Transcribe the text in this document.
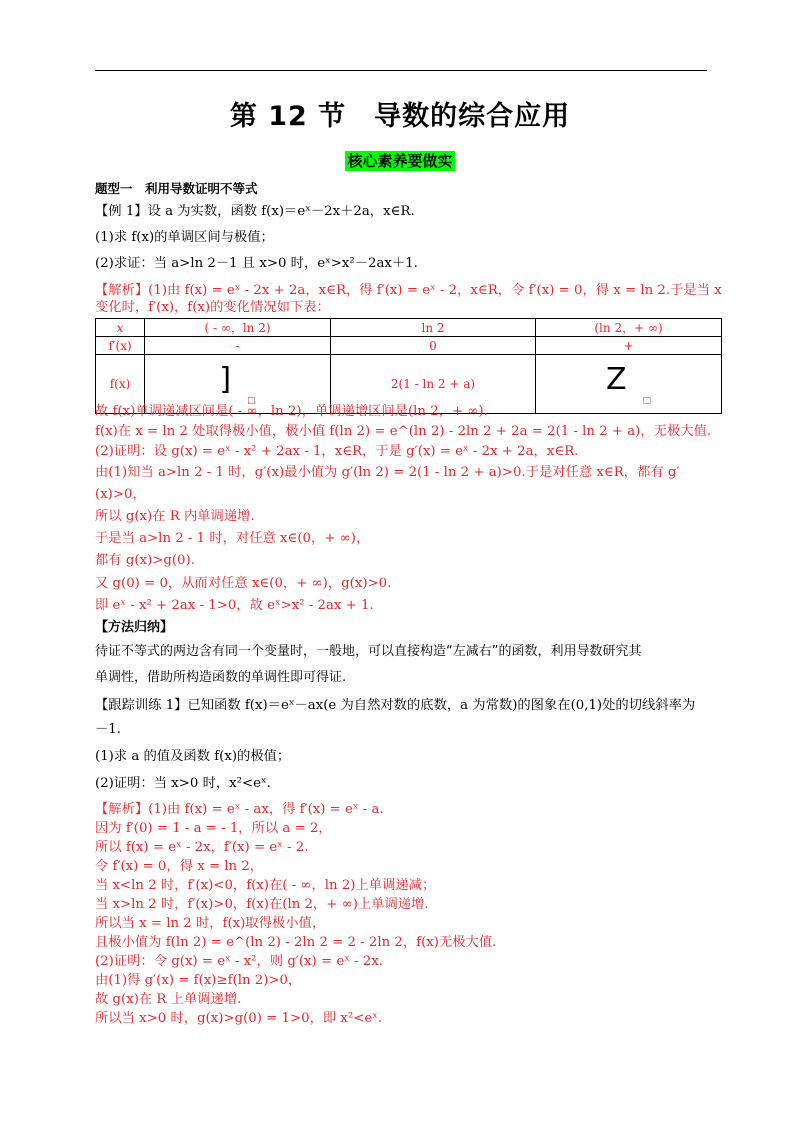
第 12 节　导数的综合应用
核心素养要做实
题型一　利用导数证明不等式
【例 1】设 a 为实数，函数 f(x)＝eˣ－2x＋2a，x∈R.
(1)求 f(x)的单调区间与极值；
(2)求证：当 a>ln 2－1 且 x>0 时，eˣ>x²－2ax＋1.
【解析】(1)由 f(x) = eˣ - 2x + 2a，x∈R，得 f′(x) = eˣ - 2，x∈R，令 f′(x) = 0，得 x = ln 2.于是当 x
变化时，f′(x)，f(x)的变化情况如下表：
x	( - ∞，ln 2)	ln 2	(ln 2，+ ∞)
f′(x)	-	0	+
f(x)	]$_□$	2(1 - ln 2 + a)	$Z_□$
故 f(x)单调递减区间是( - ∞，ln 2)，单调递增区间是(ln 2，+ ∞).
f(x)在 x = ln 2 处取得极小值，极小值 f(ln 2) = e^(ln 2) - 2ln 2 + 2a = 2(1 - ln 2 + a)，无极大值.
(2)证明：设 g(x) = eˣ - x² + 2ax - 1，x∈R，于是 g′(x) = eˣ - 2x + 2a，x∈R.
由(1)知当 a>ln 2 - 1 时，g′(x)最小值为 g′(ln 2) = 2(1 - ln 2 + a)>0.于是对任意 x∈R，都有 g′
(x)>0，
所以 g(x)在 R 内单调递增.
于是当 a>ln 2 - 1 时，对任意 x∈(0，+ ∞)，
都有 g(x)>g(0).
又 g(0) = 0，从而对任意 x∈(0，+ ∞)，g(x)>0.
即 eˣ - x² + 2ax - 1>0，故 eˣ>x² - 2ax + 1.
【方法归纳】
待证不等式的两边含有同一个变量时，一般地，可以直接构造“左减右”的函数，利用导数研究其
单调性，借助所构造函数的单调性即可得证.
【跟踪训练 1】已知函数 f(x)＝eˣ－ax(e 为自然对数的底数，a 为常数)的图象在(0,1)处的切线斜率为
－1.
(1)求 a 的值及函数 f(x)的极值；
(2)证明：当 x>0 时，x²<eˣ.
【解析】(1)由 f(x) = eˣ - ax，得 f′(x) = eˣ - a.
因为 f′(0) = 1 - a = - 1，所以 a = 2，
所以 f(x) = eˣ - 2x，f′(x) = eˣ - 2.
令 f′(x) = 0，得 x = ln 2，
当 x<ln 2 时，f′(x)<0，f(x)在( - ∞，ln 2)上单调递减；
当 x>ln 2 时，f′(x)>0，f(x)在(ln 2，+ ∞)上单调递增.
所以当 x = ln 2 时，f(x)取得极小值，
且极小值为 f(ln 2) = e^(ln 2) - 2ln 2 = 2 - 2ln 2，f(x)无极大值.
(2)证明：令 g(x) = eˣ - x²，则 g′(x) = eˣ - 2x.
由(1)得 g′(x) = f(x)≥f(ln 2)>0，
故 g(x)在 R 上单调递增.
所以当 x>0 时，g(x)>g(0) = 1>0，即 x²<eˣ.
